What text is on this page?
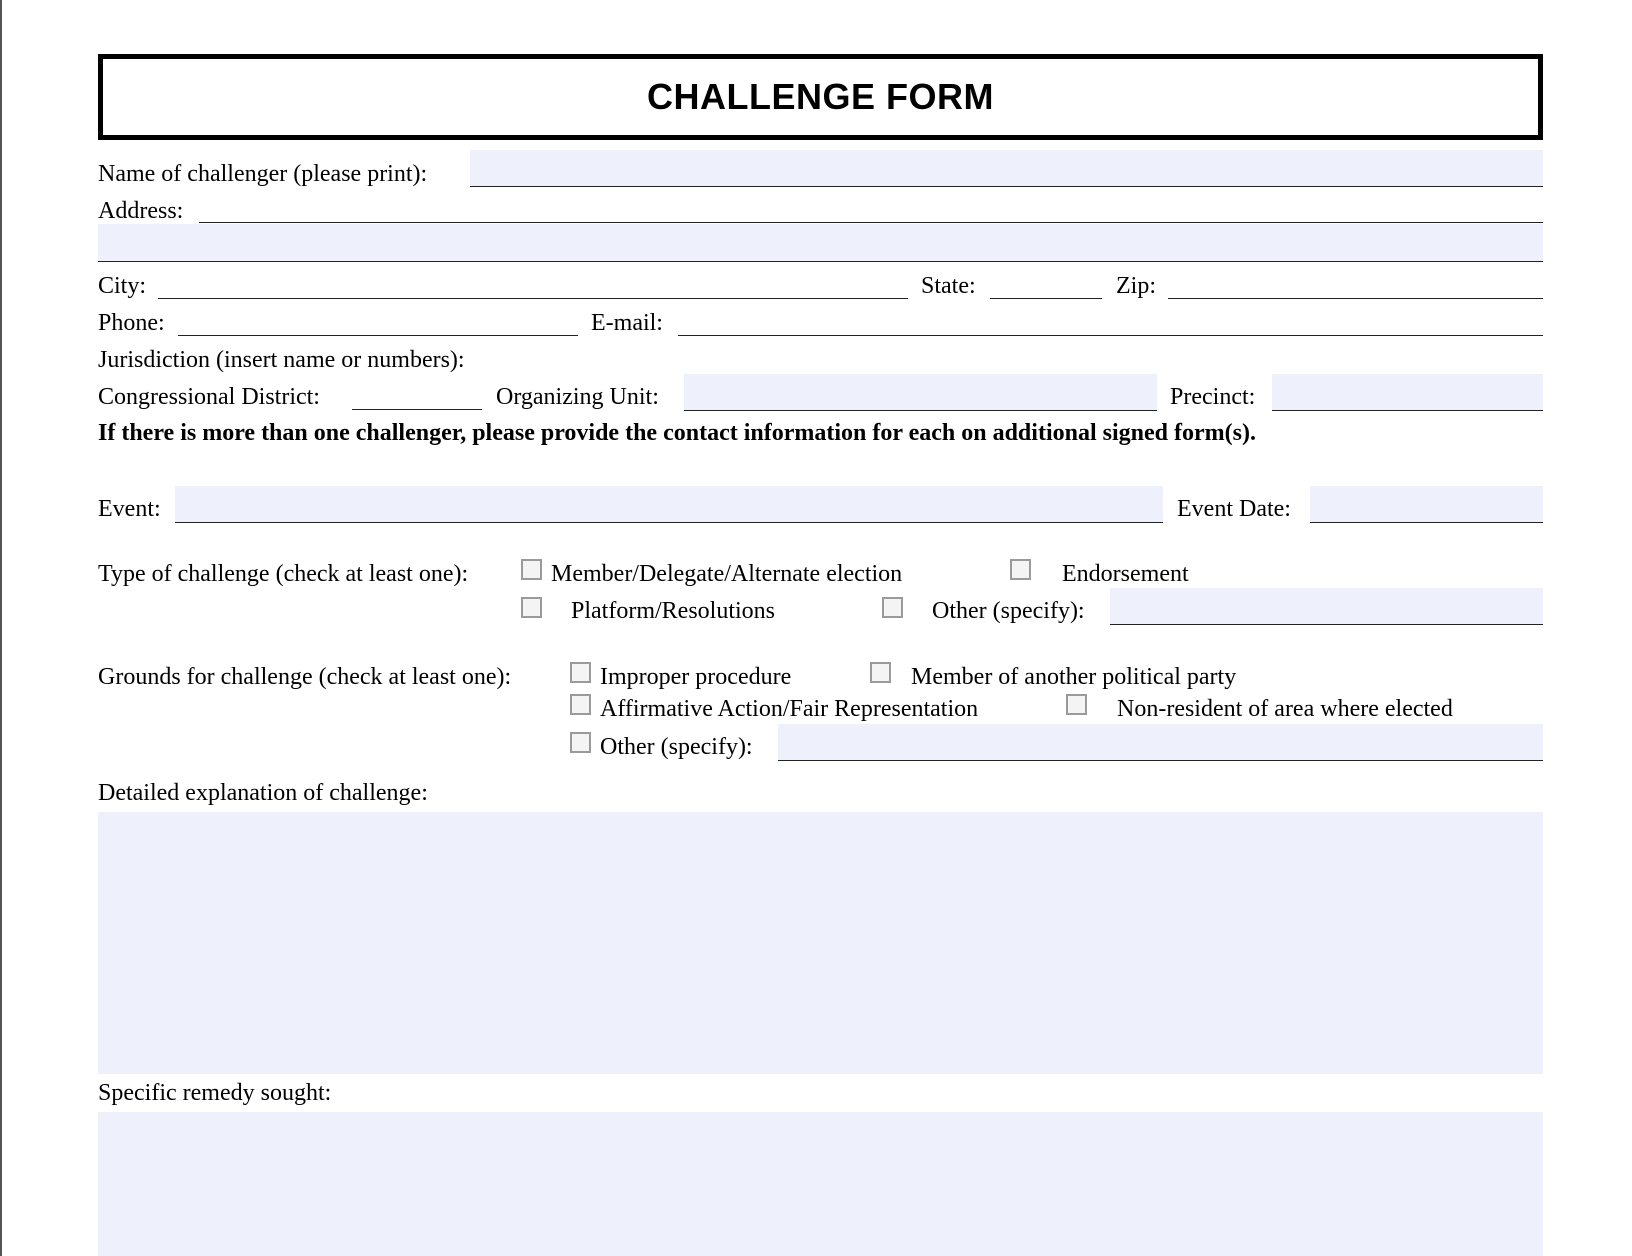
CHALLENGE FORM
Name of challenger (please print):
Address:
City:	State:	Zip:
Phone:	E-mail:
Jurisdiction (insert name or numbers):
Congressional District:	Organizing Unit:	Precinct:
If there is more than one challenger, please provide the contact information for each on additional signed form(s).
Event:	Event Date:
Type of challenge (check at least one):	Member/Delegate/Alternate election	Endorsement
Platform/Resolutions	Other (specify):
Grounds for challenge (check at least one):	Improper procedure	Member of another political party
Affirmative Action/Fair Representation	Non-resident of area where elected
Other (specify):
Detailed explanation of challenge:
Specific remedy sought:
